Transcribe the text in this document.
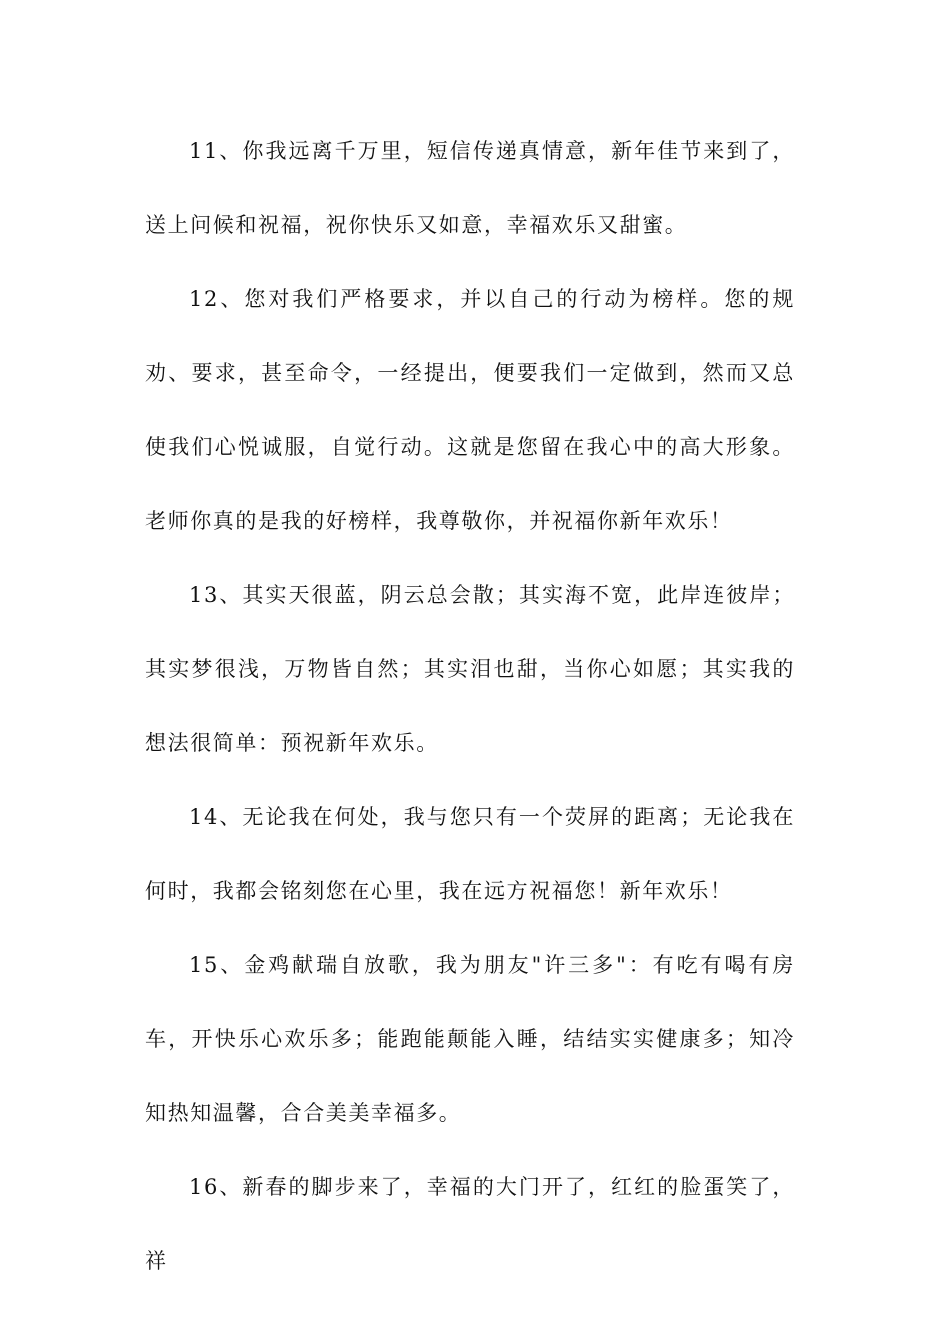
11、你我远离千万里，短信传递真情意，新年佳节来到了，送上问候和祝福，祝你快乐又如意，幸福欢乐又甜蜜。

12、您对我们严格要求，并以自己的行动为榜样。您的规劝、要求，甚至命令，一经提出，便要我们一定做到，然而又总使我们心悦诚服，自觉行动。这就是您留在我心中的高大形象。老师你真的是我的好榜样，我尊敬你，并祝福你新年欢乐！

13、其实天很蓝，阴云总会散；其实海不宽，此岸连彼岸；其实梦很浅，万物皆自然；其实泪也甜，当你心如愿；其实我的想法很简单：预祝新年欢乐。

14、无论我在何处，我与您只有一个荧屏的距离；无论我在何时，我都会铭刻您在心里，我在远方祝福您！新年欢乐！

15、金鸡献瑞自放歌，我为朋友"许三多"：有吃有喝有房车，开快乐心欢乐多；能跑能颠能入睡，结结实实健康多；知冷知热知温馨，合合美美幸福多。

16、新春的脚步来了，幸福的大门开了，红红的脸蛋笑了，祥
